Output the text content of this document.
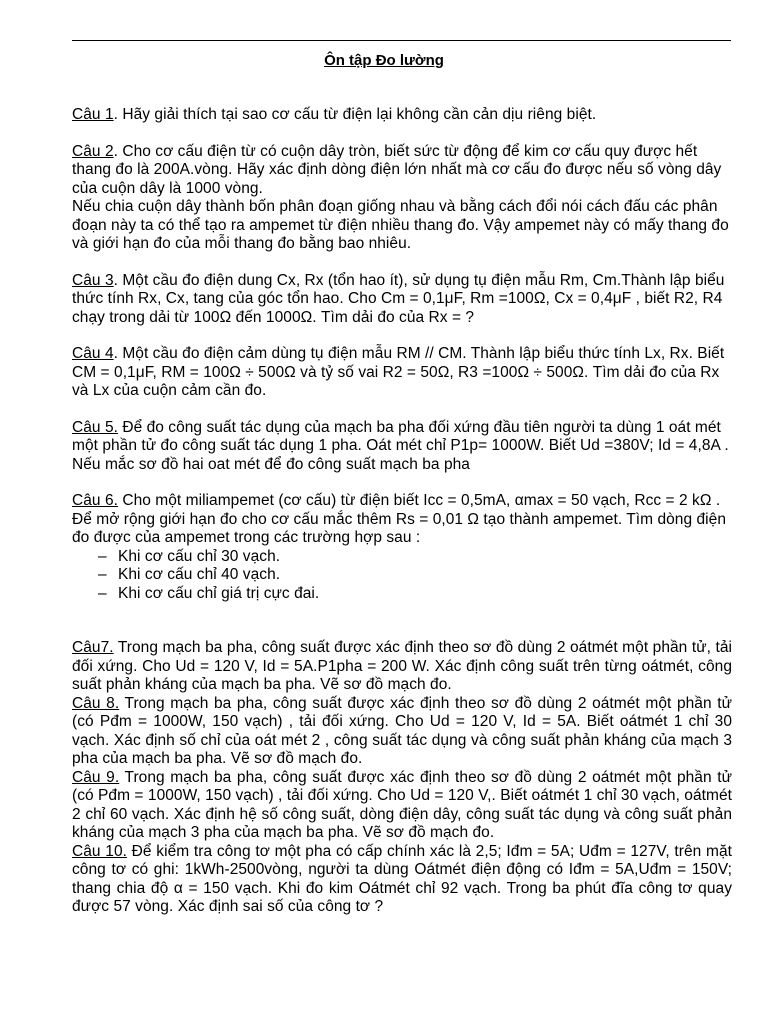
Ôn tập Đo lường

Câu 1. Hãy giải thích tại sao cơ cấu từ điện lại không cần cản dịu riêng biệt.

Câu 2. Cho cơ cấu điện từ có cuộn dây tròn, biết sức từ động để kim cơ cấu quy được hết thang đo là 200A.vòng. Hãy xác định dòng điện lớn nhất mà cơ cấu đo được nếu số vòng dây của cuộn dây là 1000 vòng.

Nếu chia cuộn dây thành bốn phân đoạn giống nhau và bằng cách đổi nói cách đấu các phân đoạn này ta có thể tạo ra ampemet từ điện nhiều thang đo. Vậy ampemet này có mấy thang đo và giới hạn đo của mỗi thang đo bằng bao nhiêu.

Câu 3. Một cầu đo điện dung Cx, Rx (tổn hao ít), sử dụng tụ điện mẫu Rm, Cm.Thành lập biểu thức tính Rx, Cx, tang của góc tổn hao. Cho Cm = 0,1μF, Rm =100Ω, Cx = 0,4μF , biết R2, R4 chạy trong dải từ 100Ω đến 1000Ω. Tìm dải đo của Rx = ?

Câu 4. Một cầu đo điện cảm dùng tụ điện mẫu RM // CM. Thành lập biểu thức tính Lx, Rx. Biết CM = 0,1μF, RM = 100Ω ÷ 500Ω và tỷ số vai R2 = 50Ω, R3 =100Ω ÷ 500Ω. Tìm dải đo của Rx và Lx của cuộn cảm cần đo.

Câu 5. Để đo công suất tác dụng của mạch ba pha đối xứng đầu tiên người ta dùng 1 oát mét một phần tử đo công suất tác dụng 1 pha. Oát mét chỉ P1p= 1000W. Biết Ud =380V; Id = 4,8A . Nếu mắc sơ đồ hai oat mét để đo công suất mạch ba pha

Câu 6. Cho một miliampemet (cơ cấu) từ điện biết Icc = 0,5mA, αmax = 50 vạch, Rcc = 2 kΩ . Để mở rộng giới hạn đo cho cơ cấu mắc thêm Rs = 0,01 Ω tạo thành ampemet. Tìm dòng điện đo được của ampemet trong các trường hợp sau :

– Khi cơ cấu chỉ 30 vạch.
– Khi cơ cấu chỉ 40 vạch.
– Khi cơ cấu chỉ giá trị cực đai.

Câu7. Trong mạch ba pha, công suất được xác định theo sơ đồ dùng 2 oátmét một phần tử, tải đối xứng. Cho Ud = 120 V, Id = 5A.P1pha = 200 W. Xác định công suất trên từng oátmét, công suất phản kháng của mạch ba pha. Vẽ sơ đồ mạch đo.

Câu 8. Trong mạch ba pha, công suất được xác định theo sơ đồ dùng 2 oátmét một phần tử (có Pđm = 1000W, 150 vạch) , tải đối xứng. Cho Ud = 120 V, Id = 5A. Biết oátmét 1 chỉ 30 vạch. Xác định số chỉ của oát mét 2 , công suất tác dụng và công suất phản kháng của mạch 3 pha của mạch ba pha. Vẽ sơ đồ mạch đo.

Câu 9. Trong mạch ba pha, công suất được xác định theo sơ đồ dùng 2 oátmét một phần tử (có Pđm = 1000W, 150 vạch) , tải đối xứng. Cho Ud = 120 V,. Biết oátmét 1 chỉ 30 vạch, oátmét 2 chỉ 60 vạch. Xác định hệ số công suất, dòng điện dây, công suất tác dụng và công suất phản kháng của mạch 3 pha của mạch ba pha. Vẽ sơ đồ mạch đo.

Câu 10. Để kiểm tra công tơ một pha có cấp chính xác là 2,5; Iđm = 5A; Uđm = 127V, trên mặt công tơ có ghi: 1kWh-2500vòng, người ta dùng Oátmét điện động có Iđm = 5A,Uđm = 150V; thang chia độ α = 150 vạch. Khi đo kim Oátmét chỉ 92 vạch. Trong ba phút đĩa công tơ quay được 57 vòng. Xác định sai số của công tơ ?
